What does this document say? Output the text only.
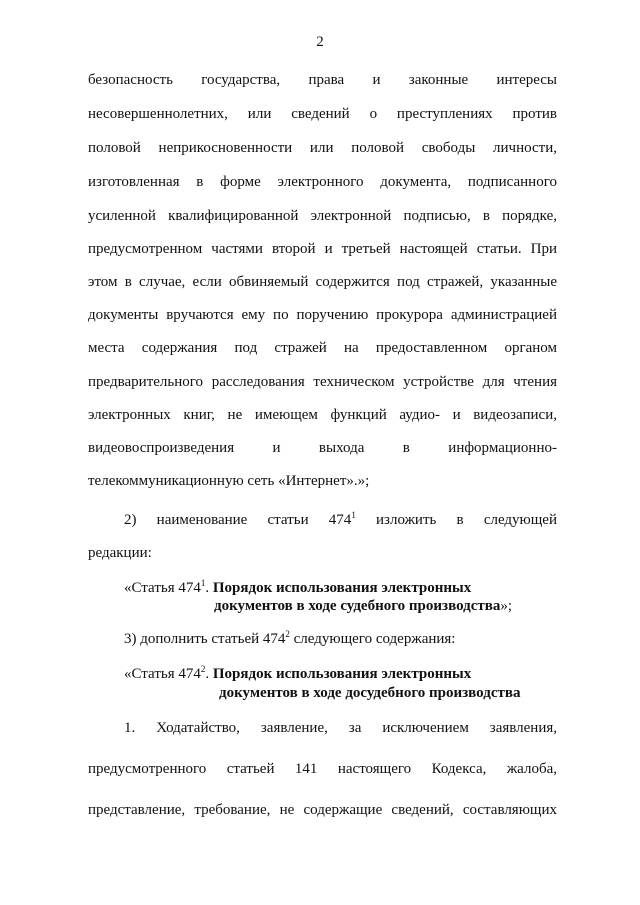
2
безопасность государства, права и законные интересы
несовершеннолетних, или сведений о преступлениях против
половой неприкосновенности или половой свободы личности,
изготовленная в форме электронного документа, подписанного
усиленной квалифицированной электронной подписью, в порядке,
предусмотренном частями второй и третьей настоящей статьи. При
этом в случае, если обвиняемый содержится под стражей, указанные
документы вручаются ему по поручению прокурора администрацией
места содержания под стражей на предоставленном органом
предварительного расследования техническом устройстве для чтения
электронных книг, не имеющем функций аудио- и видеозаписи,
видеовоспроизведения и выхода в информационно-
телекоммуникационную сеть «Интернет».»;
2) наименование статьи $474^1$ изложить в следующей
редакции:
«Статья $474^1$. Порядок использования электронных
документов в ходе судебного производства»;
3) дополнить статьей $474^2$ следующего содержания:
«Статья $474^2$. Порядок использования электронных
документов в ходе досудебного производства
1. Ходатайство, заявление, за исключением заявления,
предусмотренного статьей 141 настоящего Кодекса, жалоба,
представление, требование, не содержащие сведений, составляющих
